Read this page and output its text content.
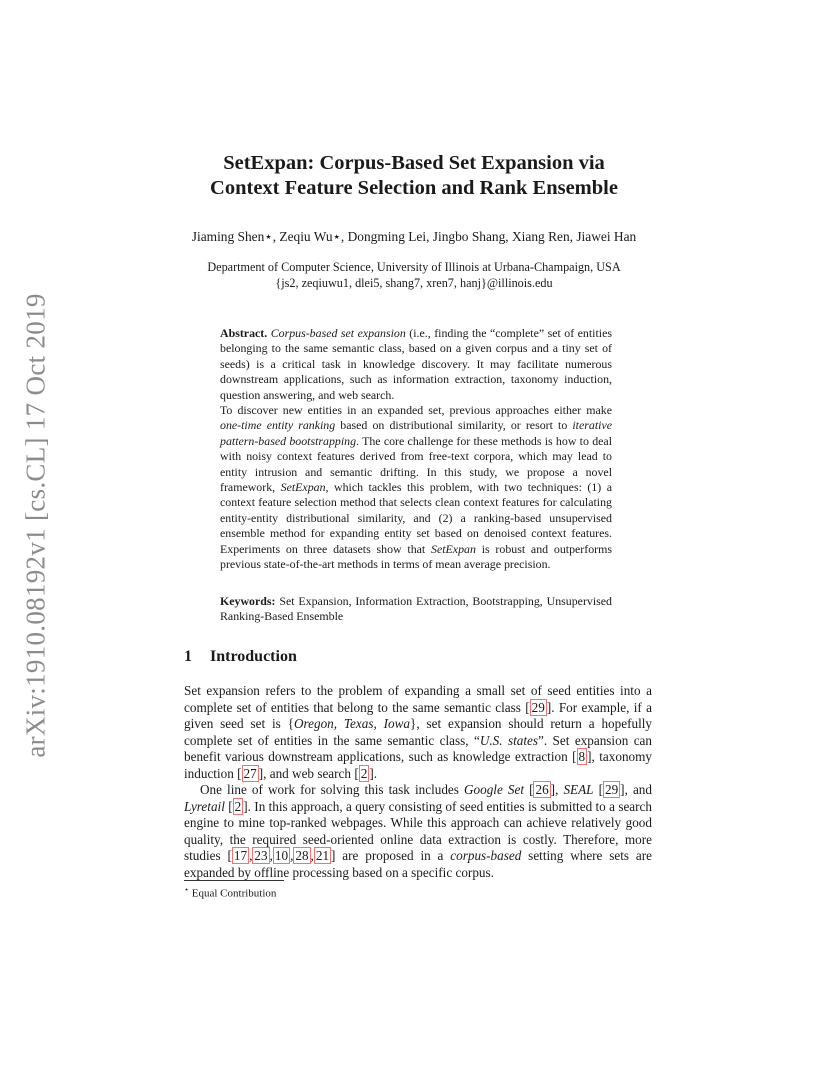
arXiv:1910.08192v1 [cs.CL] 17 Oct 2019
SetExpan: Corpus-Based Set Expansion via
Context Feature Selection and Rank Ensemble

Jiaming Shen⋆, Zeqiu Wu⋆, Dongming Lei, Jingbo Shang, Xiang Ren, Jiawei Han

Department of Computer Science, University of Illinois at Urbana-Champaign, USA
{js2, zeqiuwu1, dlei5, shang7, xren7, hanj}@illinois.edu

Abstract. Corpus-based set expansion (i.e., finding the “complete” set of entities belonging to the same semantic class, based on a given corpus and a tiny set of seeds) is a critical task in knowledge discovery. It may facilitate numerous downstream applications, such as information extraction, taxonomy induction, question answering, and web search.

To discover new entities in an expanded set, previous approaches either make one-time entity ranking based on distributional similarity, or resort to iterative pattern-based bootstrapping. The core challenge for these methods is how to deal with noisy context features derived from free-text corpora, which may lead to entity intrusion and semantic drifting. In this study, we propose a novel framework, SetExpan, which tackles this problem, with two techniques: (1) a context feature selection method that selects clean context features for calculating entity-entity distributional similarity, and (2) a ranking-based unsupervised ensemble method for expanding entity set based on denoised context features. Experiments on three datasets show that SetExpan is robust and outperforms previous state-of-the-art methods in terms of mean average precision.

Keywords: Set Expansion, Information Extraction, Bootstrapping, Unsupervised Ranking-Based Ensemble

1 Introduction

Set expansion refers to the problem of expanding a small set of seed entities into a complete set of entities that belong to the same semantic class [ 29 ]. For example, if a given seed set is {Oregon, Texas, Iowa}, set expansion should return a hopefully complete set of entities in the same semantic class, “U.S. states”. Set expansion can benefit various downstream applications, such as knowledge extraction [ 8 ], taxonomy induction [ 27 ], and web search [ 2 ].

One line of work for solving this task includes Google Set [ 26 ], SEAL [ 29 ], and Lyretail [ 2 ]. In this approach, a query consisting of seed entities is submitted to a search engine to mine top-ranked webpages. While this approach can achieve relatively good quality, the required seed-oriented online data extraction is costly. Therefore, more studies [ 17 , 23 , 10 , 28 , 21 ] are proposed in a corpus-based setting where sets are expanded by offline processing based on a specific corpus.

⋆ Equal Contribution
